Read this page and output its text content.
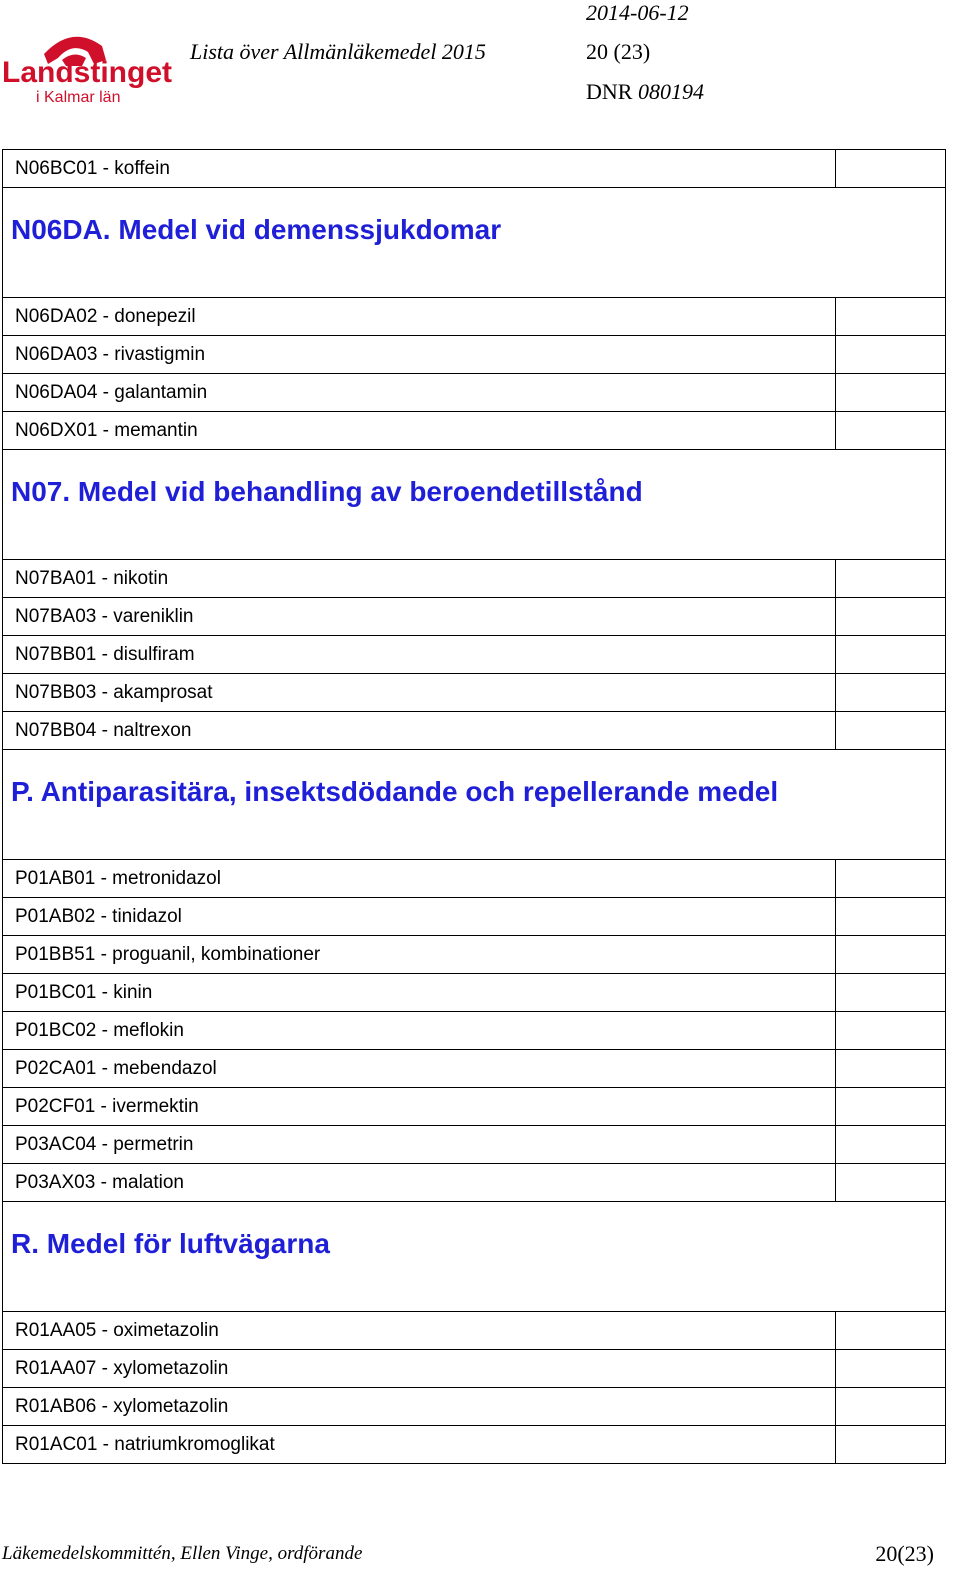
Landstinget
i Kalmar län
Lista över Allmänläkemedel 2015
2014-06-12
20 (23)
DNR 080194
N06BC01 - koffein	

N06DA. Medel vid demenssjukdomar	

N06DA02 - donepezil	
N06DA03 - rivastigmin	
N06DA04 - galantamin	
N06DX01 - memantin	

N07. Medel vid behandling av beroendetillstånd	

N07BA01 - nikotin	
N07BA03 - vareniklin	
N07BB01 - disulfiram	
N07BB03 - akamprosat	
N07BB04 - naltrexon	

P. Antiparasitära, insektsdödande och repellerande medel	

P01AB01 - metronidazol	
P01AB02 - tinidazol	
P01BB51 - proguanil, kombinationer	
P01BC01 - kinin	
P01BC02 - meflokin	
P02CA01 - mebendazol	
P02CF01 - ivermektin	
P03AC04 - permetrin	
P03AX03 - malation	

R. Medel för luftvägarna	

R01AA05 - oximetazolin	
R01AA07 - xylometazolin	
R01AB06 - xylometazolin	
R01AC01 - natriumkromoglikat	
Läkemedelskommittén, Ellen Vinge, ordförande	20(23)
